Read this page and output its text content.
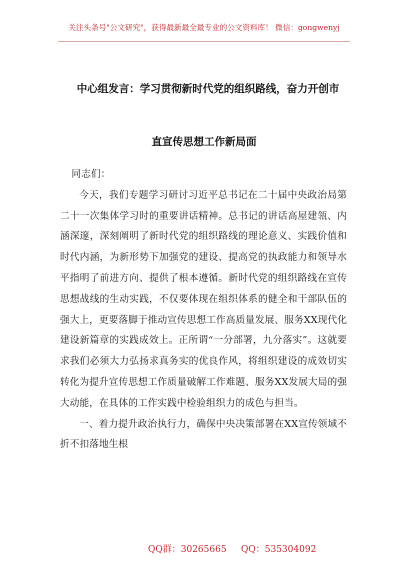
关注头条号"公文研究"，获得最新最全最专业的公文资料库！ 微信：gongwenyj
中心组发言：学习贯彻新时代党的组织路线，奋力开创市
直宣传思想工作新局面

同志们：

今天，我们专题学习研讨习近平总书记在二十届中央政治局第二十一次集体学习时的重要讲话精神。总书记的讲话高屋建瓴、内涵深邃，深刻阐明了新时代党的组织路线的理论意义、实践价值和时代内涵，为新形势下加强党的建设、提高党的执政能力和领导水平指明了前进方向、提供了根本遵循。新时代党的组织路线在宣传思想战线的生动实践，不仅要体现在组织体系的健全和干部队伍的强大上，更要落脚于推动宣传思想工作高质量发展、服务XX现代化建设新篇章的实践成效上。正所谓“一分部署，九分落实”。这就要求我们必须大力弘扬求真务实的优良作风，将组织建设的成效切实转化为提升宣传思想工作质量破解工作难题、服务XX发展大局的强大动能，在具体的工作实践中检验组织力的成色与担当。

一、着力提升政治执行力，确保中央决策部署在XX宣传领域不折不扣落地生根

QQ群：30265665 QQ：535304092
